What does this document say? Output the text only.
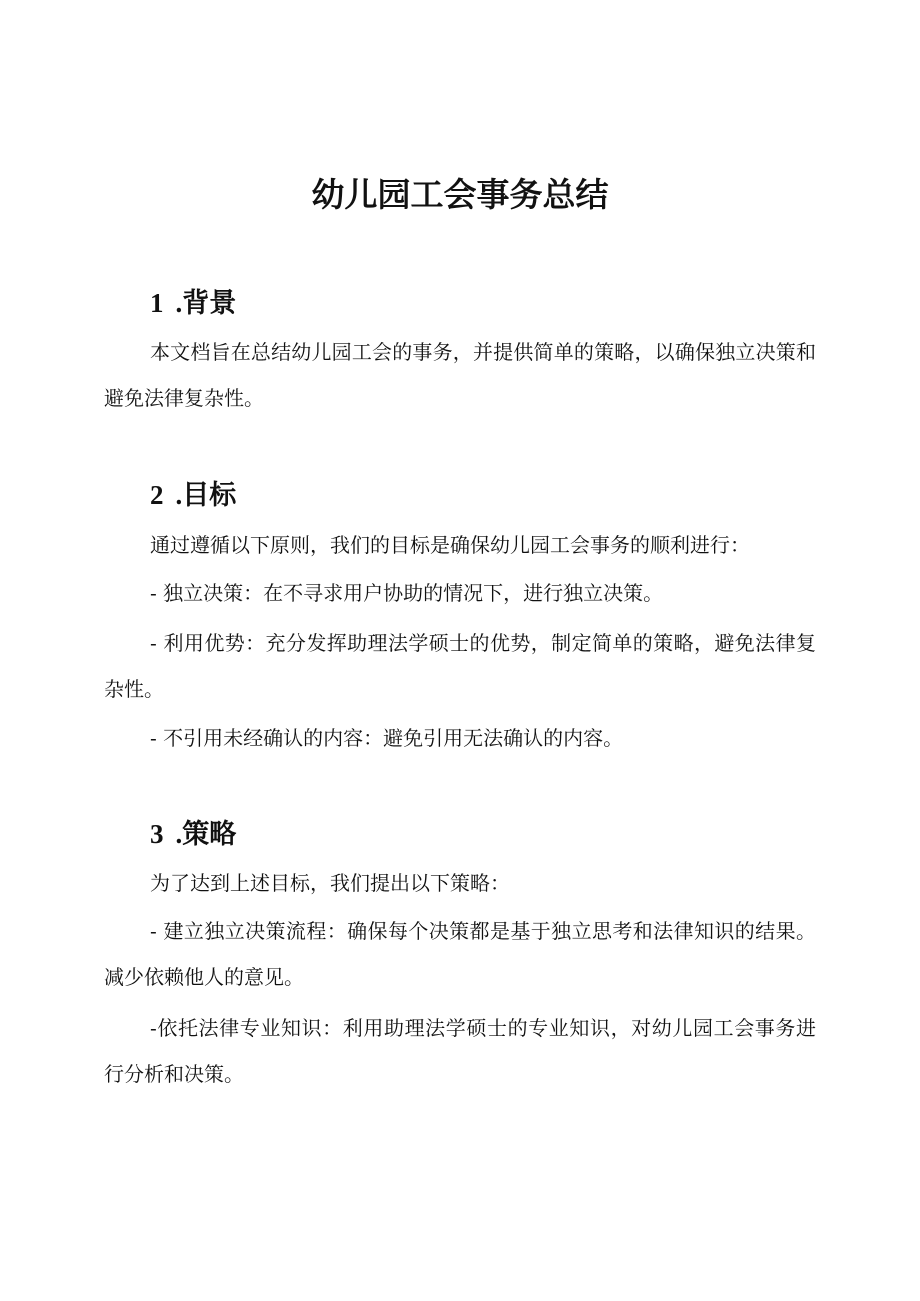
幼儿园工会事务总结
1 .背景

本文档旨在总结幼儿园工会的事务，并提供简单的策略，以确保独立决策和避免法律复杂性。

2 .目标

通过遵循以下原则，我们的目标是确保幼儿园工会事务的顺利进行：

- 独立决策：在不寻求用户协助的情况下，进行独立决策。

- 利用优势：充分发挥助理法学硕士的优势，制定简单的策略，避免法律复杂性。

- 不引用未经确认的内容：避免引用无法确认的内容。

3 .策略

为了达到上述目标，我们提出以下策略：

- 建立独立决策流程：确保每个决策都是基于独立思考和法律知识的结果。减少依赖他人的意见。

-依托法律专业知识：利用助理法学硕士的专业知识，对幼儿园工会事务进行分析和决策。
